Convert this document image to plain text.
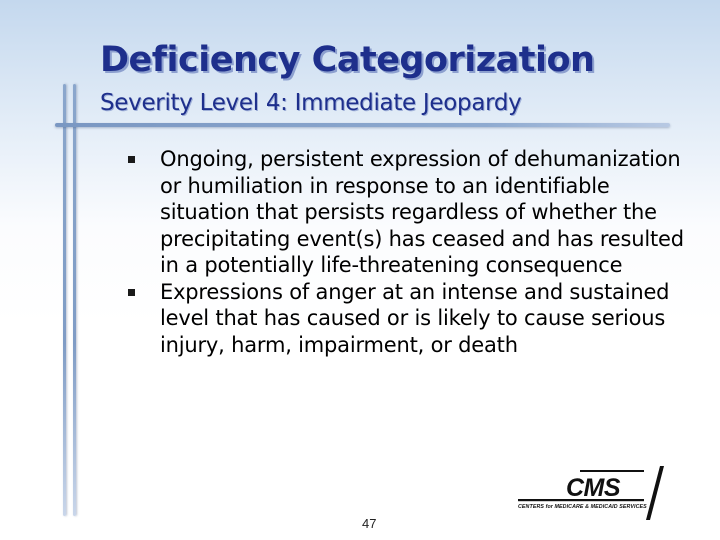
Deficiency Categorization
Severity Level 4: Immediate Jeopardy
Ongoing, persistent expression of dehumanization or humiliation in response to an identifiable situation that persists regardless of whether the precipitating event(s) has ceased and has resulted in a potentially life-threatening consequence
Expressions of anger at an intense and sustained level that has caused or is likely to cause serious injury, harm, impairment, or death
47
CMS
CENTERS for MEDICARE & MEDICAID SERVICES
